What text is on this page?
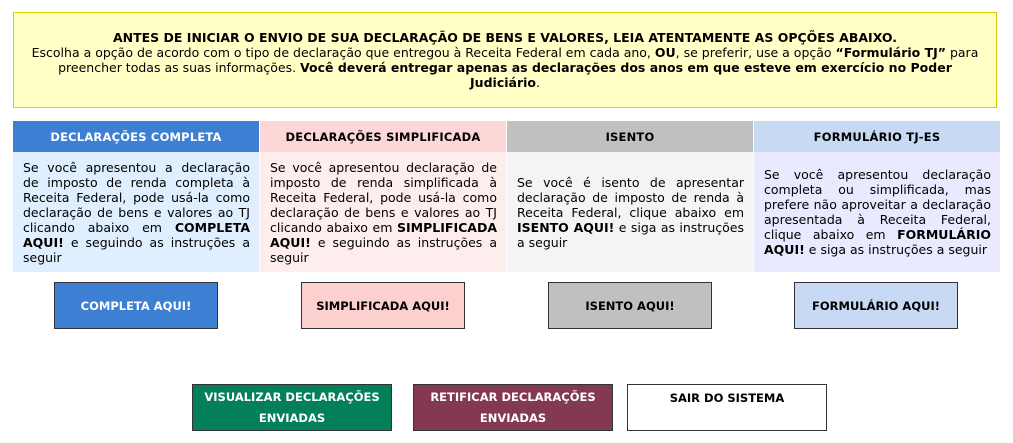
ANTES DE INICIAR O ENVIO DE SUA DECLARAÇÃO DE BENS E VALORES, LEIA ATENTAMENTE AS OPÇÕES ABAIXO.
Escolha a opção de acordo com o tipo de declaração que entregou à Receita Federal em cada ano, OU, se preferir, use a opção “Formulário TJ” para preencher todas as suas informações. Você deverá entregar apenas as declarações dos anos em que esteve em exercício no Poder Judiciário.
DECLARAÇÕES COMPLETA

Se você apresentou a declaração de imposto de renda completa à Receita Federal, pode usá-la como declaração de bens e valores ao TJ clicando abaixo em COMPLETA AQUI! e seguindo as instruções a seguir

DECLARAÇÕES SIMPLIFICADA

Se você apresentou declaração de imposto de renda simplificada à Receita Federal, pode usá-la como declaração de bens e valores ao TJ clicando abaixo em SIMPLIFICADA AQUI! e seguindo as instruções a seguir

ISENTO

Se você é isento de apresentar declaração de imposto de renda à Receita Federal, clique abaixo em ISENTO AQUI! e siga as instruções a seguir

FORMULÁRIO TJ-ES

Se você apresentou declaração completa ou simplificada, mas prefere não aproveitar a declaração apresentada à Receita Federal, clique abaixo em FORMULÁRIO AQUI! e siga as instruções a seguir

COMPLETA AQUI!	SIMPLIFICADA AQUI!	ISENTO AQUI!	FORMULÁRIO AQUI!
VISUALIZAR DECLARAÇÕES ENVIADAS
RETIFICAR DECLARAÇÕES ENVIADAS
SAIR DO SISTEMA
